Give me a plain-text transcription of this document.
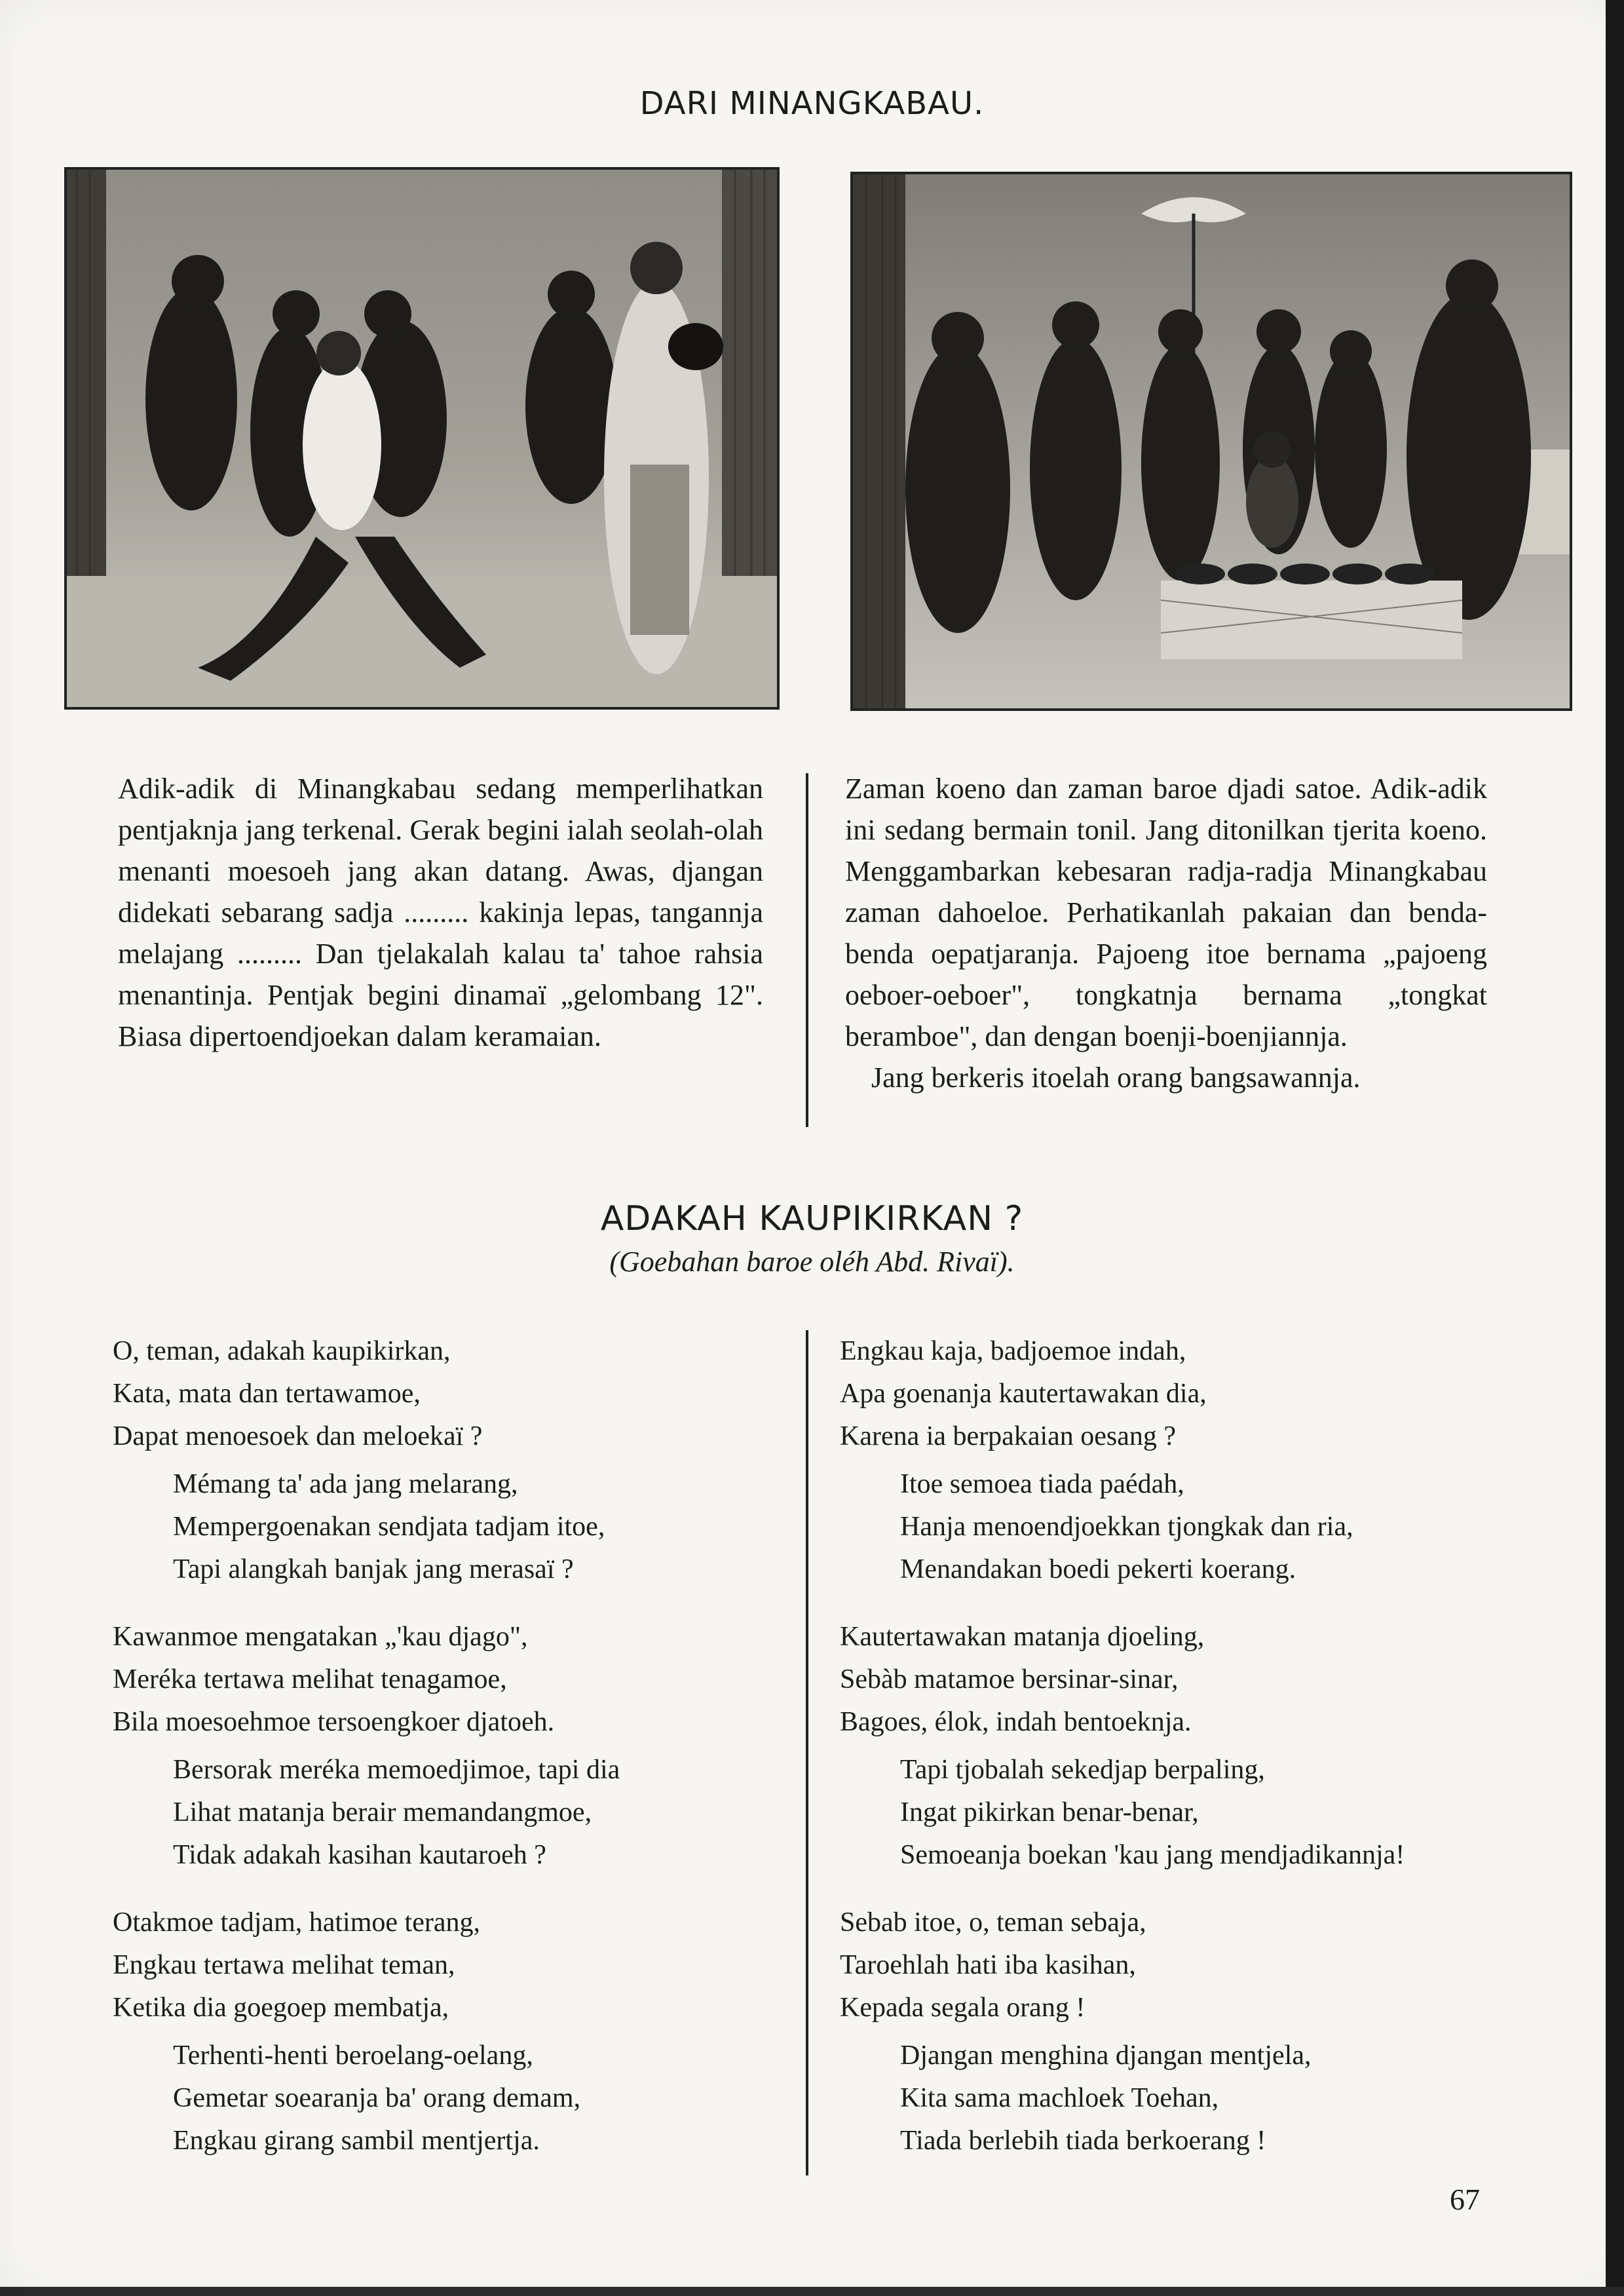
DARI MINANGKABAU.

Adik-adik di Minangkabau sedang memperlihatkan pentjaknja jang terkenal. Gerak begini ialah seolah-olah menanti moesoeh jang akan datang. Awas, djangan didekati sebarang sadja ......... kakinja lepas, tangannja melajang ......... Dan tjelakalah kalau ta' tahoe rahsia menantinja. Pentjak begini dinamaï „gelombang 12". Biasa dipertoendjoekan dalam keramaian.

Zaman koeno dan zaman baroe djadi satoe. Adik-adik ini sedang bermain tonil. Jang ditonilkan tjerita koeno. Menggambarkan kebesaran radja-radja Minangkabau zaman dahoeloe. Perhatikanlah pakaian dan benda-benda oepatjaranja. Pajoeng itoe bernama „pajoeng oeboer-oeboer", tongkatnja bernama „tongkat beramboe", dan dengan boenji-boenjiannja.

Jang berkeris itoelah orang bangsawannja.

ADAKAH KAUPIKIRKAN ?
(Goebahan baroe oléh Abd. Rivaï).
O, teman, adakah kaupikirkan,
Kata, mata dan tertawamoe,
Dapat menoesoek dan meloekaï ?
Mémang ta' ada jang melarang,
Mempergoenakan sendjata tadjam itoe,
Tapi alangkah banjak jang merasaï ?
Kawanmoe mengatakan „'kau djago",
Meréka tertawa melihat tenagamoe,
Bila moesoehmoe tersoengkoer djatoeh.
Bersorak meréka memoedjimoe, tapi dia
Lihat matanja berair memandangmoe,
Tidak adakah kasihan kautaroeh ?
Otakmoe tadjam, hatimoe terang,
Engkau tertawa melihat teman,
Ketika dia goegoep membatja,
Terhenti-henti beroelang-oelang,
Gemetar soearanja ba' orang demam,
Engkau girang sambil mentjertja.
Engkau kaja, badjoemoe indah,
Apa goenanja kautertawakan dia,
Karena ia berpakaian oesang ?
Itoe semoea tiada paédah,
Hanja menoendjoekkan tjongkak dan ria,
Menandakan boedi pekerti koerang.
Kautertawakan matanja djoeling,
Sebàb matamoe bersinar-sinar,
Bagoes, élok, indah bentoeknja.
Tapi tjobalah sekedjap berpaling,
Ingat pikirkan benar-benar,
Semoeanja boekan 'kau jang mendjadikannja!
Sebab itoe, o, teman sebaja,
Taroehlah hati iba kasihan,
Kepada segala orang !
Djangan menghina djangan mentjela,
Kita sama machloek Toehan,
Tiada berlebih tiada berkoerang !
67
